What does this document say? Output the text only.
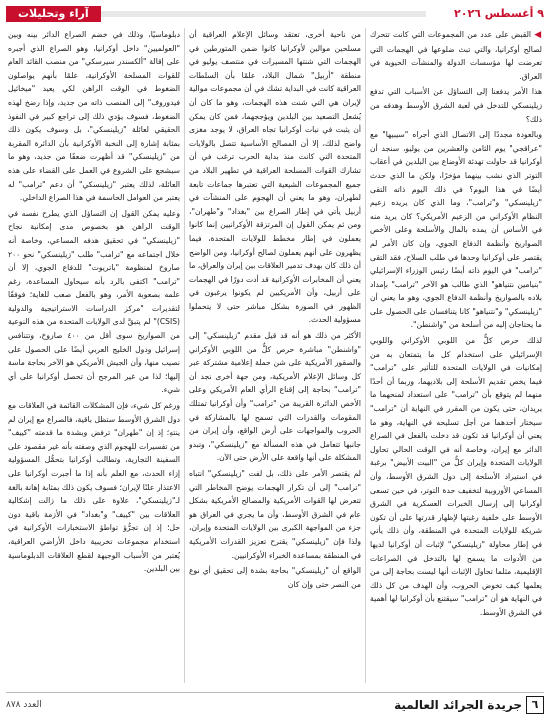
٩ أغسطس ٢٠٢٦
آراء وتحليلات

◀ القبض على عدد من المجموعات التي كانت تتحرك لصالح أوكرانيا، والتي تبث ضلوعها في الهجمات التي تعرضت لها مؤسسات الدولة والمنشآت الحيوية في العراق.

هذا الأمر يدفعنا إلى التساؤل عن الأسباب التي تدفع زيلينسكي للتدخل في لعبة الشرق الأوسط وهدفه من ذلك؟

وبالعودة مجددًا إلى الاتصال الذي أجراه "سيبيها" مع "عراقجي" يوم الثامن والعشرين من يوليو، سنجد أن أوكرانيا قد حاولت تهدئة الأوضاع بين البلدين في أعقاب التوتر الذي نشب بينهما مؤخرًا، ولكن ما الذي حدث أيضًا في هذا اليوم؟ في ذلك اليوم ذاته التقى "زيلينسكي" و"ترامب"، وما الذي كان يريده زعيم النظام الأوكراني من الزعيم الأمريكي؟ كان يريد منه في الأساس أن يمده بالمال والأسلحة وعلى الأخص الصواريخ وأنظمة الدفاع الجوي، وإن كان الأمر لم يقتصر على أوكرانيا وحدها في طلب السلاح، فقد التقى "ترامب" في اليوم ذاته أيضًا رئيس الوزراء الإسرائيلي "بنيامين نتنياهو" الذي طالب هو الآخر "ترامب" بإمداد بلاده بالصواريخ وأنظمة الدفاع الجوي، وهو ما يعني أن "زيلينسكي" و"نتنياهو" كانا يتنافسان على الحصول على ما يحتاجان إليه من أسلحة من "واشنطن".

لذلك حرص كلٌّ من اللوبي الأوكراني واللوبي الإسرائيلي على استخدام كل ما يتمتعان به من إمكانيات في الولايات المتحدة للتأثير على "ترامب" فيما يخص تقديم الأسلحة إلى بلاديهما، وربما أن أحدًا منهما لم يتوقع بأن "ترامب" على استعداد لمنحهما ما يريدان، حتى يكون من المقرر في النهاية أن "ترامب" سيختار أحدهما من أجل تسليحه في النهاية، وهو ما يعني أن أوكرانيا قد تكون قد دخلت بالفعل في الصراع الدائر مع إيران، وخاصة أنه في الوقت الحالي تحاول الولايات المتحدة وإيران كلٌّ من "البيت الأبيض" برغبة في استيراد الأسلحة إلى دول الشرق الأوسط، وأن المساعي الأوروبية لتخفيف حدة التوتر، في حين تسعى أوكرانيا إلى إرسال الخبرات العسكرية في الشرق الأوسط على خلفية رغبتها لإظهار قدرتها على أن تكون شريكة للولايات المتحدة في المنطقة، وأن ذلك يأتي في إطار محاولة "زيلينسكي" لإثبات أن أوكرانيا لديها من الأدوات ما يسمح لها بالتدخل في الصراعات الإقليمية، مثلما تحاول الإثبات أنها ليست بحاجة إلى من يعلمها كيف تخوض الحروب، وأن الهدف من كل ذلك في النهاية هو أن "ترامب" سيقتنع بأن أوكرانيا لها أهمية في الشرق الأوسط.

من ناحية أخرى، تعتقد وسائل الإعلام العراقية أن مسلحين موالين لأوكرانيا كانوا ضمن المتورطين في الهجمات التي شنتها المسيرات في منتصف يوليو في منطقة "أربيل" شمال البلاد، علمًا بأن السلطات العراقية كانت في البداية تشك في أن مجموعات موالية لإيران هي التي شنت هذه الهجمات، وهو ما كان أن يُشعل التصعيد بين البلدين ويؤججهما، فمن كان يمكن أن يثبت في نيات أوكرانيا تجاه العراق، لا يوجد مغزى واضح لذلك، إلا أن المصالح الأساسية تتصل بالولايات المتحدة التي كانت منذ بداية الحرب ترغب في أن تشارك القوات المسلحة العراقية في تطهير البلاد من جميع المجموعات الشيعية التي تعتبرها جماعات تابعة لطهران، وهو ما يعني أن الهجوم على المنشآت في أربيل يأتي في إطار الصراع بين "بغداد" و"طهران"، ومن ثم يمكن القول إن المرتزقة الأوكرانيين إنما كانوا يعملون في إطار مخطط للولايات المتحدة، فيما يظهرون على أنهم يعملون لصالح أوكرانيا، ومن الواضح أن ذلك كان بهدف تدمير العلاقات بين إيران والعراق، ما يعني أن المخابرات الأوكرانية قد أدت دورًا في الهجمات على أربيل، وأن الأمريكيين لم يكونوا يرغبون في الظهور في الصورة بشكل مباشر حتى لا يتحملوا مسؤولية الحدث.

الأكثر من ذلك هو أنه قد قيل مقدم "زيلينسكي" إلى "واشنطن" مباشرة حرص كلٌّ من اللوبي الأوكراني والصقور الأمريكية على شن حملة إعلامية مشتركة عبر كل وسائل الإعلام الأمريكية، ومن جهة أخرى نجد أن "ترامب" بحاجة إلى إقناع الرأي العام الأمريكي وعلى الأخص الدائرة القريبة من "ترامب" وأن أوكرانيا تمتلك المقومات والقدرات التي تسمح لها بالمشاركة في الحروب والمواجهات على أرض الواقع، وأن إيران من جانبها تتعامل في هذه المسألة مع "زيلينسكي"، وتبدو المشكلة على أنها واقعة على الأرض حتى الآن.

لم يقتصر الأمر على ذلك، بل لفت "زيلينسكي" انتباه "ترامب" إلى أن تكرار الهجمات يوضح المخاطر التي تتعرض لها القوات الأمريكية والمصالح الأمريكية بشكل عام في الشرق الأوسط، وأن ما يجري في العراق هو جزء من المواجهة الكبرى بين الولايات المتحدة وإيران، ولذا فإن "زيلينسكي" يقترح تعزيز القدرات الأمريكية في المنطقة بمساعدة الخبراء الأوكرانيين.

الواقع أن "زيلينسكي" بحاجة بشدة إلى تحقيق أي نوع من النصر حتى وإن كان

دبلوماسيًا، وذلك في خضم الصراع الدائر بينه وبين "العولميين" داخل أوكرانيا، وهو الصراع الذي أجبره على إقالة "ألكسندر سيرسكي" من منصب القائد العام للقوات المسلحة الأوكرانية، علمًا بأنهم يواصلون الضغوط في الوقت الراهن لكي يعيد "ميخائيل فيدوروف" إلى المنصب ذاته من جديد، وإذا رضخ لهذه الضغوط، فسوف يؤدي ذلك إلى تراجع كبير في النفوذ الحقيقي لعائلة "زيلينسكي"، بل وسوف يكون ذلك بمثابة إشارة إلى النخبة الأوكرانية بأن الدائرة المقربة من "زيلينسكي" قد أظهرت ضعفًا من جديد، وهو ما سيشجع على الشروع في العمل على القضاء على هذه العائلة، لذلك يعتبر "زيلينسكي" أن دعم "ترامب" له يعتبر من العوامل الحاسمة في هذا الصراع الداخلي.

وعليه يمكن القول إن التساؤل الذي يطرح نفسه في الوقت الراهن هو بخصوص مدى إمكانية نجاح "زيلينسكي" في تحقيق هدفه المساعي، وخاصة أنه خلال اجتماعه مع "ترامب" طلب "زيلينسكي" نحو ٢٠٠ صاروخ لمنظومة "باتريوت" للدفاع الجوي، إلا أن "ترامب" اكتفى بالرد بأنه سيحاول المساعدة، رغم علمه بصعوبة الأمر، وهو بالفعل صعب للغاية؛ فوفقًا لتقديرات "مركز الدراسات الاستراتيجية والدولية (CSIS)" لم يتبقَّ لدى الولايات المتحدة من هذه النوعية من الصواريخ سوى أقل من ٤٠٠ صاروخ، وتتنافس إسرائيل ودول الخليج العربي أيضًا على الحصول على نصيب منها، وأن الجيش الأمريكي هو الآخر بحاجة ماسة إليها؛ لذا من غير المرجح أن تحصل أوكرانيا على أي شيء.

ورغم كل شيء، فإن المشكلات القائمة في العلاقات مع دول الشرق الأوسط ستظل باقية، فالصراع مع إيران لم ينتهِ؛ إذ إن "طهران" ترفض وبشدة ما قدمته "كييف" من تفسيرات للهجوم الذي وصفته بأنه غير مقصود على السفينة التجارية، وتطالب أوكرانيا بتحمُّل المسؤولية إزاء الحدث، مع العلم بأنه إذا ما أجبرت أوكرانيا على الاعتذار علنًا لإيران؛ فسوف يكون ذلك بمثابة إهانة بالغة لـ"زيلينسكي"، علاوة على ذلك ما زالت إشكالية العلاقات بين "كييف" و"بغداد" في الأزمة باقية دون حل؛ إذ إن تجرُّؤ تواطؤ الاستخبارات الأوكرانية في استخدام مجموعات تخريبية داخل الأراضي العراقية، يُعتبر من الأسباب الوجيهة لقطع العلاقات الدبلوماسية بين البلدين.

٦
جريدة الجرائد العالمية
العدد ٨٧٨
